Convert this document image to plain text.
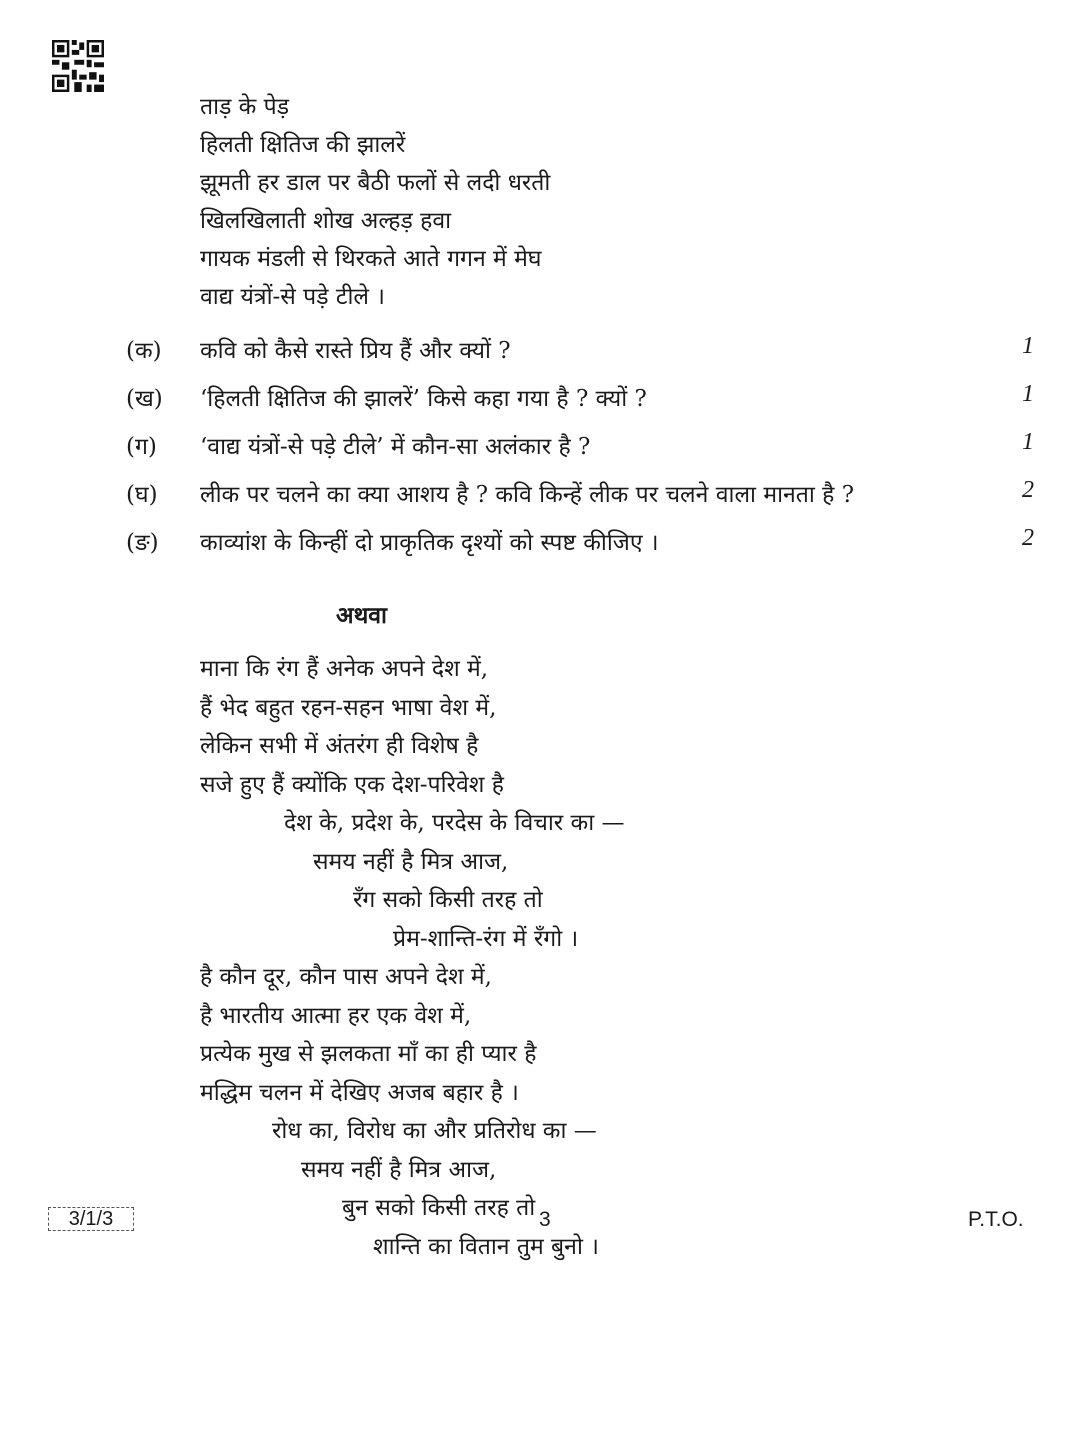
ताड़ के पेड़
हिलती क्षितिज की झालरें
झूमती हर डाल पर बैठी फलों से लदी धरती
खिलखिलाती शोख अल्हड़ हवा
गायक मंडली से थिरकते आते गगन में मेघ
वाद्य यंत्रों-से पड़े टीले ।
(क) कवि को कैसे रास्ते प्रिय हैं और क्यों ?	1
(ख) ‘हिलती क्षितिज की झालरें’ किसे कहा गया है ? क्यों ?	1
(ग) ‘वाद्य यंत्रों-से पड़े टीले’ में कौन-सा अलंकार है ?	1
(घ) लीक पर चलने का क्या आशय है ? कवि किन्हें लीक पर चलने वाला मानता है ?	2
(ङ) काव्यांश के किन्हीं दो प्राकृतिक दृश्यों को स्पष्ट कीजिए ।	2
अथवा
माना कि रंग हैं अनेक अपने देश में,
हैं भेद बहुत रहन-सहन भाषा वेश में,
लेकिन सभी में अंतरंग ही विशेष है
सजे हुए हैं क्योंकि एक देश-परिवेश है
देश के, प्रदेश के, परदेस के विचार का —
समय नहीं है मित्र आज,
रँग सको किसी तरह तो
प्रेम-शान्ति-रंग में रँगो ।
है कौन दूर, कौन पास अपने देश में,
है भारतीय आत्मा हर एक वेश में,
प्रत्येक मुख से झलकता माँ का ही प्यार है
मद्धिम चलन में देखिए अजब बहार है ।
रोध का, विरोध का और प्रतिरोध का —
समय नहीं है मित्र आज,
बुन सको किसी तरह तो
शान्ति का वितान तुम बुनो ।
3/1/3	3	P.T.O.
